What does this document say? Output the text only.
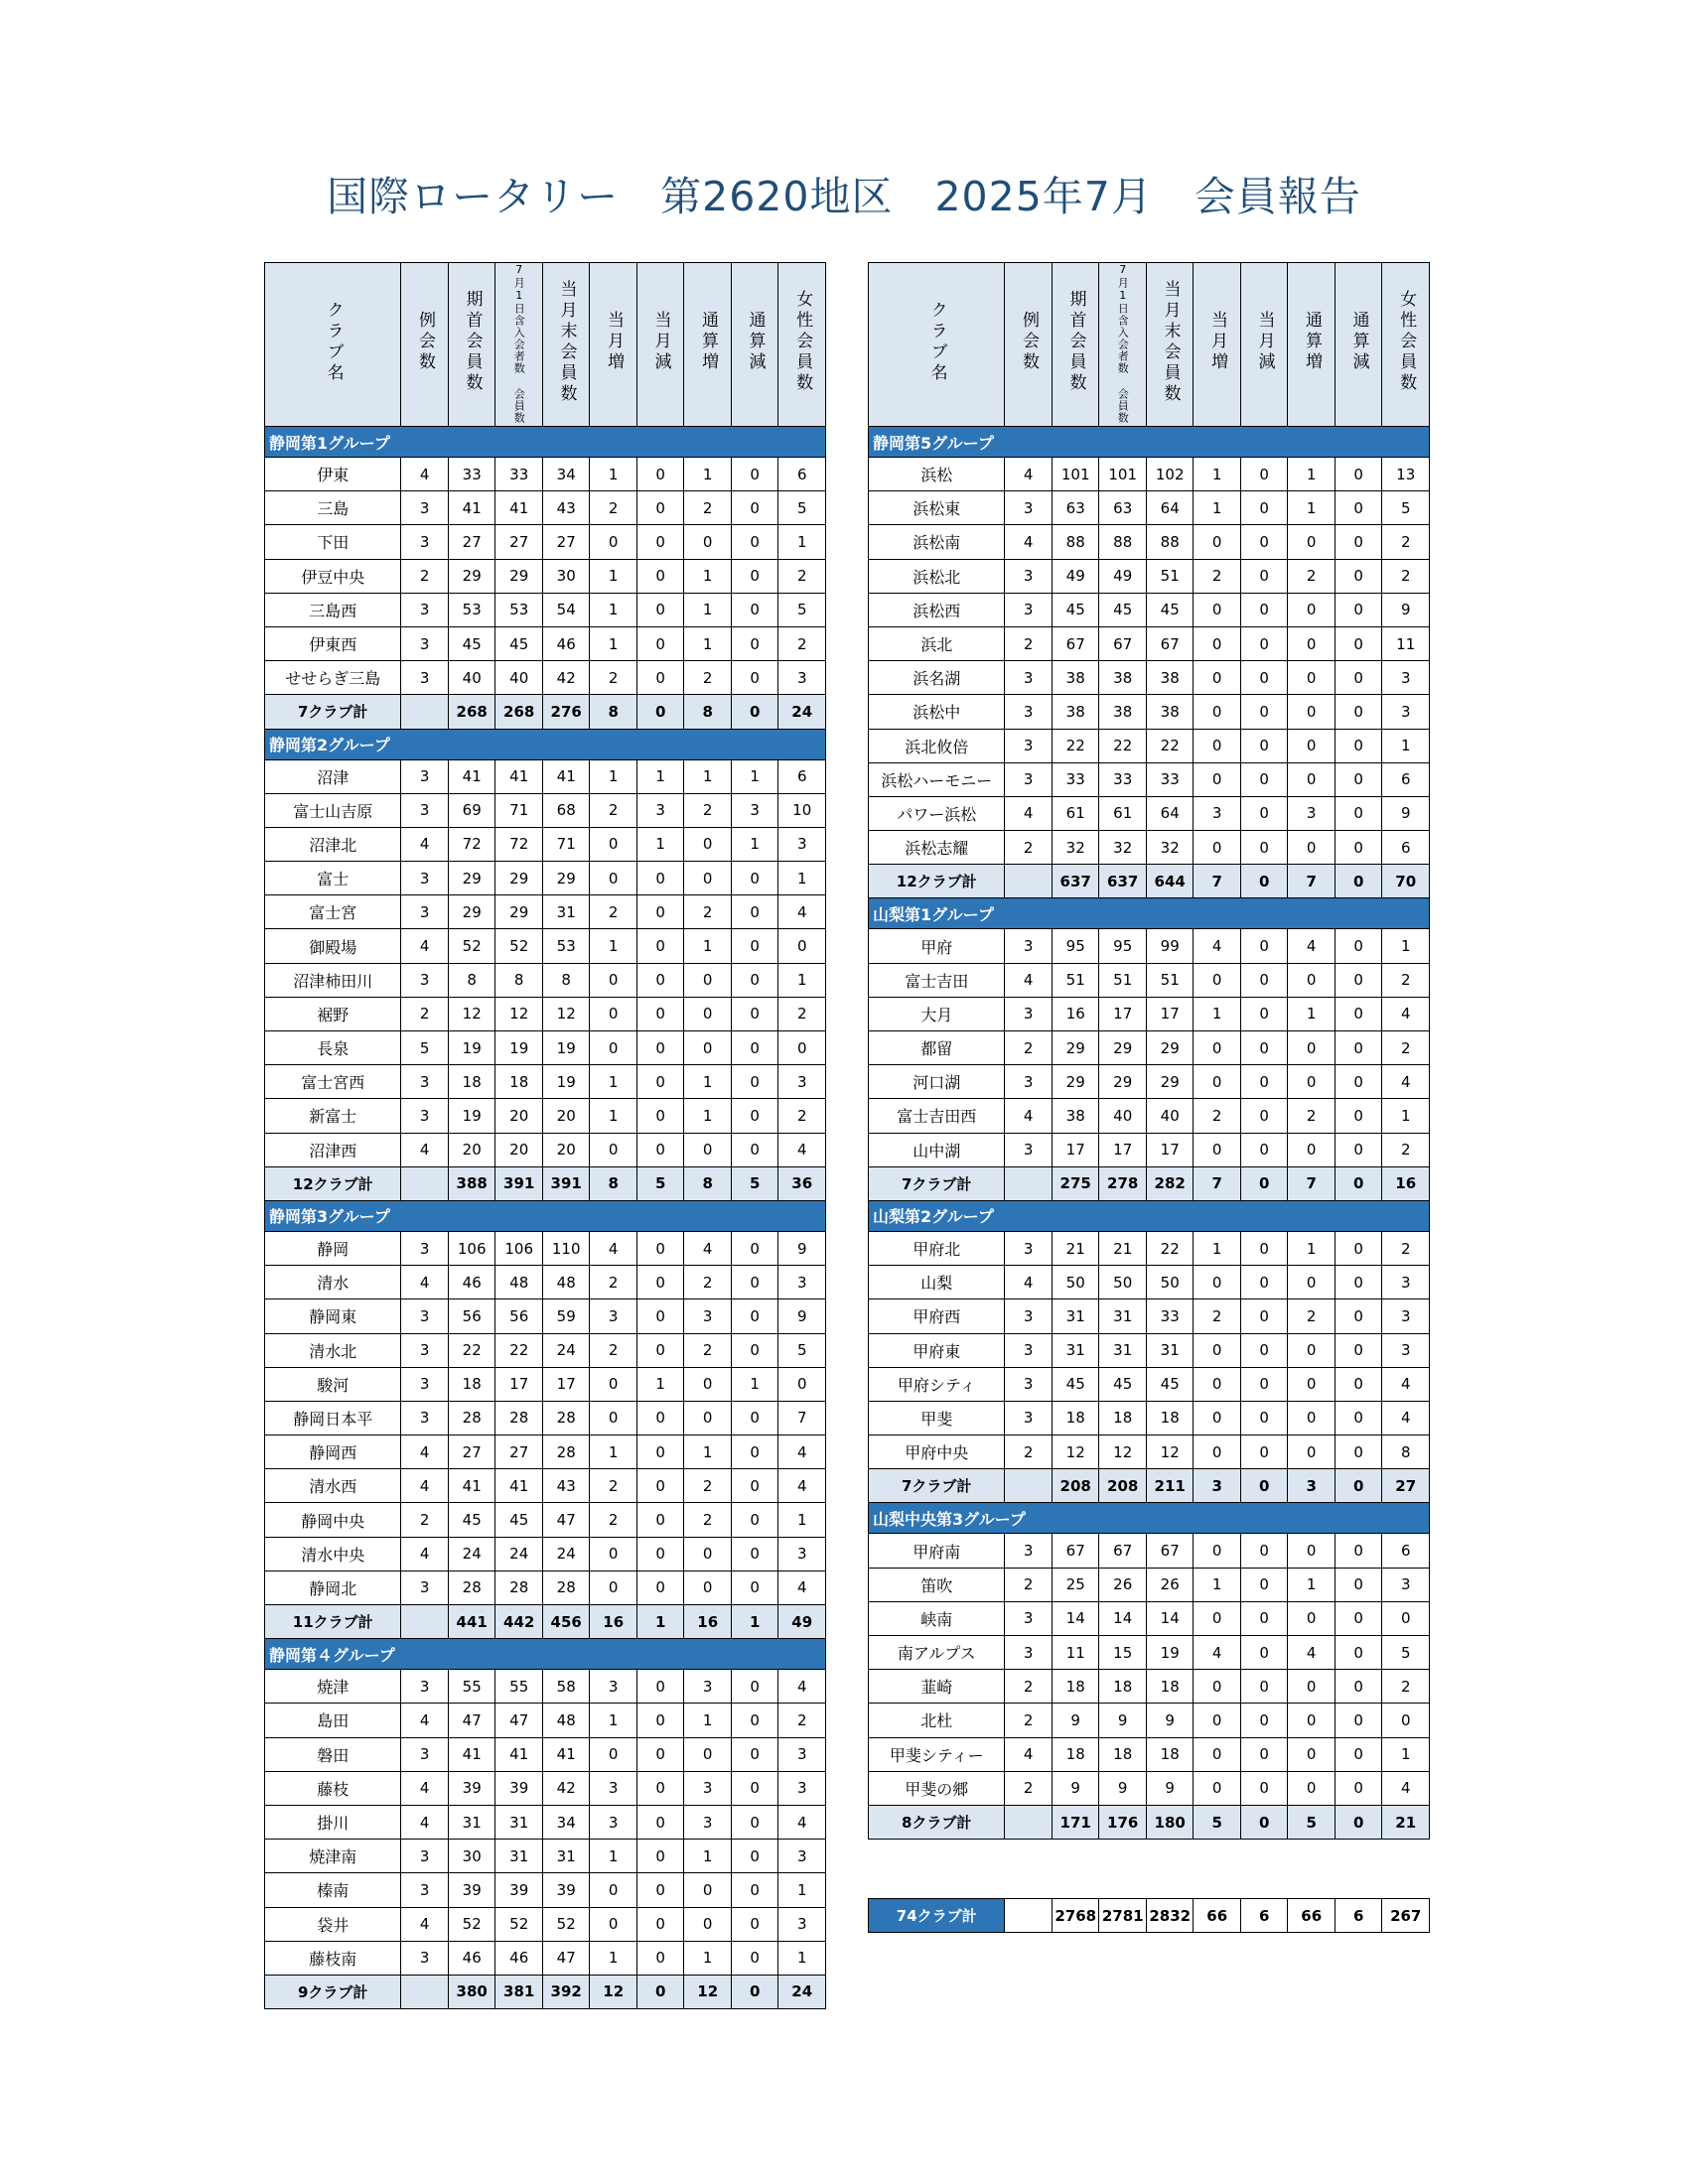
国際ロータリー　第2620地区　2025年7月　会員報告
クラブ名	例会数	期首会員数	7月1日含入会者数 会員数	当月末会員数	当月増	当月減	通算増	通算減	女性会員数
静岡第1グループ									
伊東	4	33	33	34	1	0	1	0	6
三島	3	41	41	43	2	0	2	0	5
下田	3	27	27	27	0	0	0	0	1
伊豆中央	2	29	29	30	1	0	1	0	2
三島西	3	53	53	54	1	0	1	0	5
伊東西	3	45	45	46	1	0	1	0	2
せせらぎ三島	3	40	40	42	2	0	2	0	3
7クラブ計		268	268	276	8	0	8	0	24
静岡第2グループ									
沼津	3	41	41	41	1	1	1	1	6
富士山吉原	3	69	71	68	2	3	2	3	10
沼津北	4	72	72	71	0	1	0	1	3
富士	3	29	29	29	0	0	0	0	1
富士宮	3	29	29	31	2	0	2	0	4
御殿場	4	52	52	53	1	0	1	0	0
沼津柿田川	3	8	8	8	0	0	0	0	1
裾野	2	12	12	12	0	0	0	0	2
長泉	5	19	19	19	0	0	0	0	0
富士宮西	3	18	18	19	1	0	1	0	3
新富士	3	19	20	20	1	0	1	0	2
沼津西	4	20	20	20	0	0	0	0	4
12クラブ計		388	391	391	8	5	8	5	36
静岡第3グループ									
静岡	3	106	106	110	4	0	4	0	9
清水	4	46	48	48	2	0	2	0	3
静岡東	3	56	56	59	3	0	3	0	9
清水北	3	22	22	24	2	0	2	0	5
駿河	3	18	17	17	0	1	0	1	0
静岡日本平	3	28	28	28	0	0	0	0	7
静岡西	4	27	27	28	1	0	1	0	4
清水西	4	41	41	43	2	0	2	0	4
静岡中央	2	45	45	47	2	0	2	0	1
清水中央	4	24	24	24	0	0	0	0	3
静岡北	3	28	28	28	0	0	0	0	4
11クラブ計		441	442	456	16	1	16	1	49
静岡第４グループ									
焼津	3	55	55	58	3	0	3	0	4
島田	4	47	47	48	1	0	1	0	2
磐田	3	41	41	41	0	0	0	0	3
藤枝	4	39	39	42	3	0	3	0	3
掛川	4	31	31	34	3	0	3	0	4
焼津南	3	30	31	31	1	0	1	0	3
榛南	3	39	39	39	0	0	0	0	1
袋井	4	52	52	52	0	0	0	0	3
藤枝南	3	46	46	47	1	0	1	0	1
9クラブ計		380	381	392	12	0	12	0	24
クラブ名	例会数	期首会員数	7月1日含入会者数 会員数	当月末会員数	当月増	当月減	通算増	通算減	女性会員数
静岡第5グループ									
浜松	4	101	101	102	1	0	1	0	13
浜松東	3	63	63	64	1	0	1	0	5
浜松南	4	88	88	88	0	0	0	0	2
浜松北	3	49	49	51	2	0	2	0	2
浜松西	3	45	45	45	0	0	0	0	9
浜北	2	67	67	67	0	0	0	0	11
浜名湖	3	38	38	38	0	0	0	0	3
浜松中	3	38	38	38	0	0	0	0	3
浜北攸倍	3	22	22	22	0	0	0	0	1
浜松ハーモニー	3	33	33	33	0	0	0	0	6
パワー浜松	4	61	61	64	3	0	3	0	9
浜松志耀	2	32	32	32	0	0	0	0	6
12クラブ計		637	637	644	7	0	7	0	70
山梨第1グループ									
甲府	3	95	95	99	4	0	4	0	1
富士吉田	4	51	51	51	0	0	0	0	2
大月	3	16	17	17	1	0	1	0	4
都留	2	29	29	29	0	0	0	0	2
河口湖	3	29	29	29	0	0	0	0	4
富士吉田西	4	38	40	40	2	0	2	0	1
山中湖	3	17	17	17	0	0	0	0	2
7クラブ計		275	278	282	7	0	7	0	16
山梨第2グループ									
甲府北	3	21	21	22	1	0	1	0	2
山梨	4	50	50	50	0	0	0	0	3
甲府西	3	31	31	33	2	0	2	0	3
甲府東	3	31	31	31	0	0	0	0	3
甲府シティ	3	45	45	45	0	0	0	0	4
甲斐	3	18	18	18	0	0	0	0	4
甲府中央	2	12	12	12	0	0	0	0	8
7クラブ計		208	208	211	3	0	3	0	27
山梨中央第3グループ									
甲府南	3	67	67	67	0	0	0	0	6
笛吹	2	25	26	26	1	0	1	0	3
峡南	3	14	14	14	0	0	0	0	0
南アルプス	3	11	15	19	4	0	4	0	5
韮崎	2	18	18	18	0	0	0	0	2
北杜	2	9	9	9	0	0	0	0	0
甲斐シティー	4	18	18	18	0	0	0	0	1
甲斐の郷	2	9	9	9	0	0	0	0	4
8クラブ計		171	176	180	5	0	5	0	21
74クラブ計		2768	2781	2832	66	6	66	6	267
